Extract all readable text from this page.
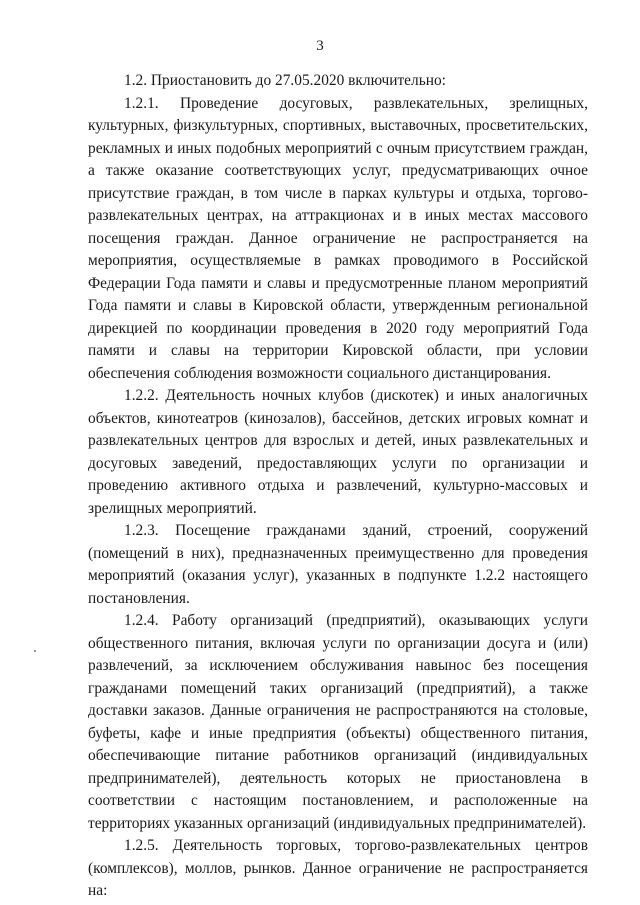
3

1.2. Приостановить до 27.05.2020 включительно:

1.2.1. Проведение досуговых, развлекательных, зрелищных, культурных, физкультурных, спортивных, выставочных, просветительских, рекламных и иных подобных мероприятий с очным присутствием граждан, а также оказание соответствующих услуг, предусматривающих очное присутствие граждан, в том числе в парках культуры и отдыха, торгово-развлекательных центрах, на аттракционах и в иных местах массового посещения граждан. Данное ограничение не распространяется на мероприятия, осуществляемые в рамках проводимого в Российской Федерации Года памяти и славы и предусмотренные планом мероприятий Года памяти и славы в Кировской области, утвержденным региональной дирекцией по координации проведения в 2020 году мероприятий Года памяти и славы на территории Кировской области, при условии обеспечения соблюдения возможности социального дистанцирования.

1.2.2. Деятельность ночных клубов (дискотек) и иных аналогичных объектов, кинотеатров (кинозалов), бассейнов, детских игровых комнат и развлекательных центров для взрослых и детей, иных развлекательных и досуговых заведений, предоставляющих услуги по организации и проведению активного отдыха и развлечений, культурно-массовых и зрелищных мероприятий.

1.2.3. Посещение гражданами зданий, строений, сооружений (помещений в них), предназначенных преимущественно для проведения мероприятий (оказания услуг), указанных в подпункте 1.2.2 настоящего постановления.

1.2.4. Работу организаций (предприятий), оказывающих услуги общественного питания, включая услуги по организации досуга и (или) развлечений, за исключением обслуживания навынос без посещения гражданами помещений таких организаций (предприятий), а также доставки заказов. Данные ограничения не распространяются на столовые, буфеты, кафе и иные предприятия (объекты) общественного питания, обеспечивающие питание работников организаций (индивидуальных предпринимателей), деятельность которых не приостановлена в соответствии с настоящим постановлением, и расположенные на территориях указанных организаций (индивидуальных предпринимателей).

1.2.5. Деятельность торговых, торгово-развлекательных центров (комплексов), моллов, рынков. Данное ограничение не распространяется на:
